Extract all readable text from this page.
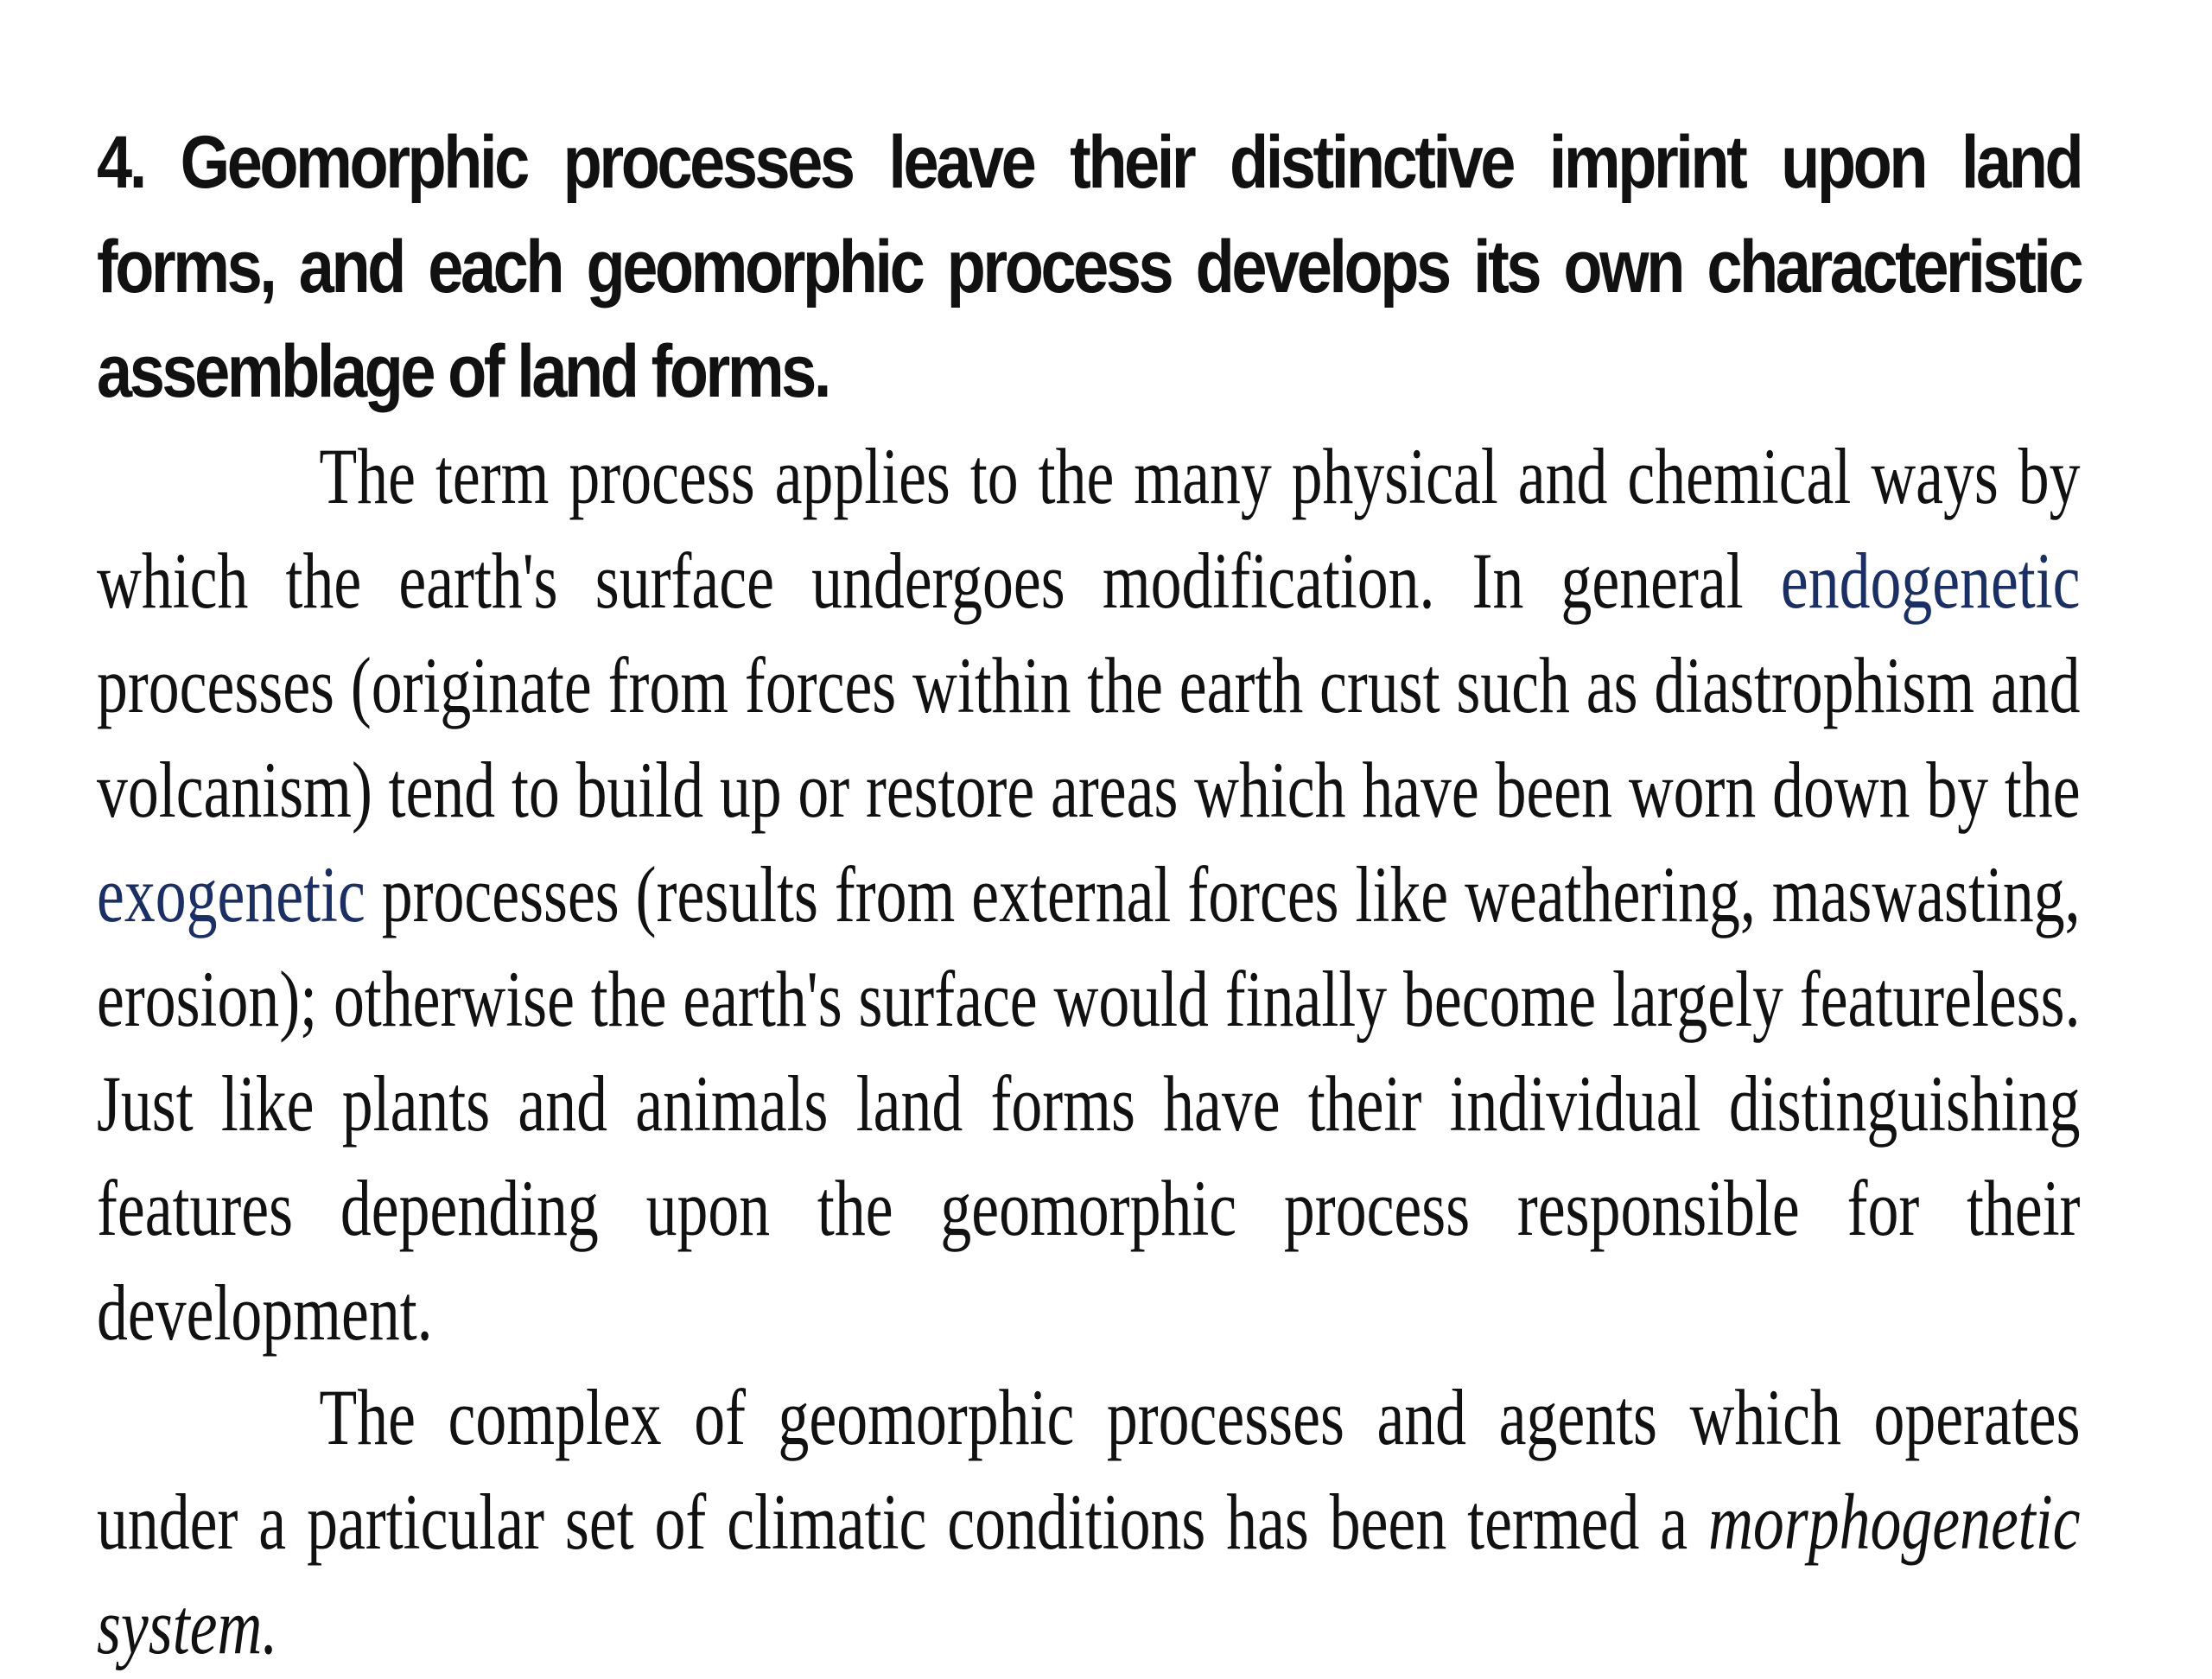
4. Geomorphic processes leave their distinctive imprint upon land forms, and each geomorphic process develops its own characteristic assemblage of land forms.

The term process applies to the many physical and chemical ways by which the earth's surface undergoes modification. In general endogenetic processes (originate from forces within the earth crust such as diastrophism and volcanism) tend to build up or restore areas which have been worn down by the exogenetic processes (results from external forces like weathering, maswasting, erosion); otherwise the earth's surface would finally become largely featureless. Just like plants and animals land forms have their individual distinguishing features depending upon the geomorphic process responsible for their development.

The complex of geomorphic processes and agents which operates under a particular set of climatic conditions has been termed a morphogenetic system.
